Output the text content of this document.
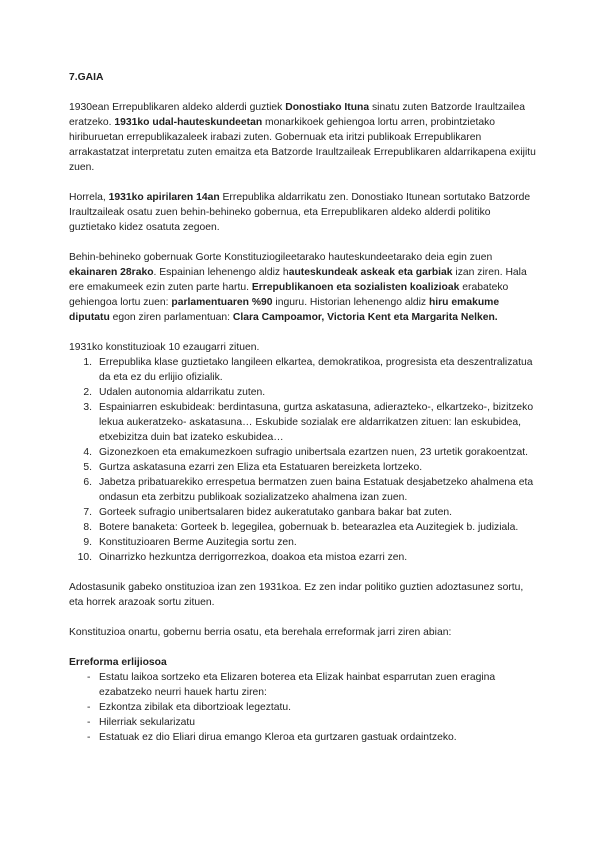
7.GAIA

1930ean Errepublikaren aldeko alderdi guztiek Donostiako Ituna sinatu zuten Batzorde Iraultzailea eratzeko. 1931ko udal-hauteskundeetan monarkikoek gehiengoa lortu arren, probintzietako hiriburuetan errepublikazaleek irabazi zuten. Gobernuak eta iritzi publikoak Errepublikaren arrakastatzat interpretatu zuten emaitza eta Batzorde Iraultzaileak Errepublikaren aldarrikapena exijitu zuen.

Horrela, 1931ko apirilaren 14an Errepublika aldarrikatu zen. Donostiako Itunean sortutako Batzorde Iraultzaileak osatu zuen behin-behineko gobernua, eta Errepublikaren aldeko alderdi politiko guztietako kidez osatuta zegoen.

Behin-behineko gobernuak Gorte Konstituziogileetarako hauteskundeetarako deia egin zuen ekainaren 28rako. Espainian lehenengo aldiz hauteskundeak askeak eta garbiak izan ziren. Hala ere emakumeek ezin zuten parte hartu. Errepublikanoen eta sozialisten koalizioak erabateko gehiengoa lortu zuen: parlamentuaren %90 inguru. Historian lehenengo aldiz hiru emakume diputatu egon ziren parlamentuan: Clara Campoamor, Victoria Kent eta Margarita Nelken.

1931ko konstituzioak 10 ezaugarri zituen.
1. Errepublika klase guztietako langileen elkartea, demokratikoa, progresista eta deszentralizatua da eta ez du erlijio ofizialik.
2. Udalen autonomia aldarrikatu zuten.
3. Espainiarren eskubideak: berdintasuna, gurtza askatasuna, adierazteko-, elkartzeko-, bizitzeko lekua aukeratzeko- askatasuna… Eskubide sozialak ere aldarrikatzen zituen: lan eskubidea, etxebizitza duin bat izateko eskubidea…
4. Gizonezkoen eta emakumezkoen sufragio unibertsala ezartzen nuen, 23 urtetik gorakoentzat.
5. Gurtza askatasuna ezarri zen Eliza eta Estatuaren bereizketa lortzeko.
6. Jabetza pribatuarekiko errespetua bermatzen zuen baina Estatuak desjabetzeko ahalmena eta ondasun eta zerbitzu publikoak sozializatzeko ahalmena izan zuen.
7. Gorteek sufragio unibertsalaren bidez aukeratutako ganbara bakar bat zuten.
8. Botere banaketa: Gorteek b. legegilea, gobernuak b. betearazlea eta Auzitegiek b. judiziala.
9. Konstituzioaren Berme Auzitegia sortu zen.
10. Oinarrizko hezkuntza derrigorrezkoa, doakoa eta mistoa ezarri zen.

Adostasunik gabeko onstituzioa izan zen 1931koa. Ez zen indar politiko guztien adoztasunez sortu, eta horrek arazoak sortu zituen.

Konstituzioa onartu, gobernu berria osatu, eta berehala erreformak jarri ziren abian:

Erreforma erlijiosoa
- Estatu laikoa sortzeko eta Elizaren boterea eta Elizak hainbat esparrutan zuen eragina ezabatzeko neurri hauek hartu ziren:
- Ezkontza zibilak eta dibortzioak legeztatu.
- Hilerriak sekularizatu
- Estatuak ez dio Eliari dirua emango Kleroa eta gurtzaren gastuak ordaintzeko.
